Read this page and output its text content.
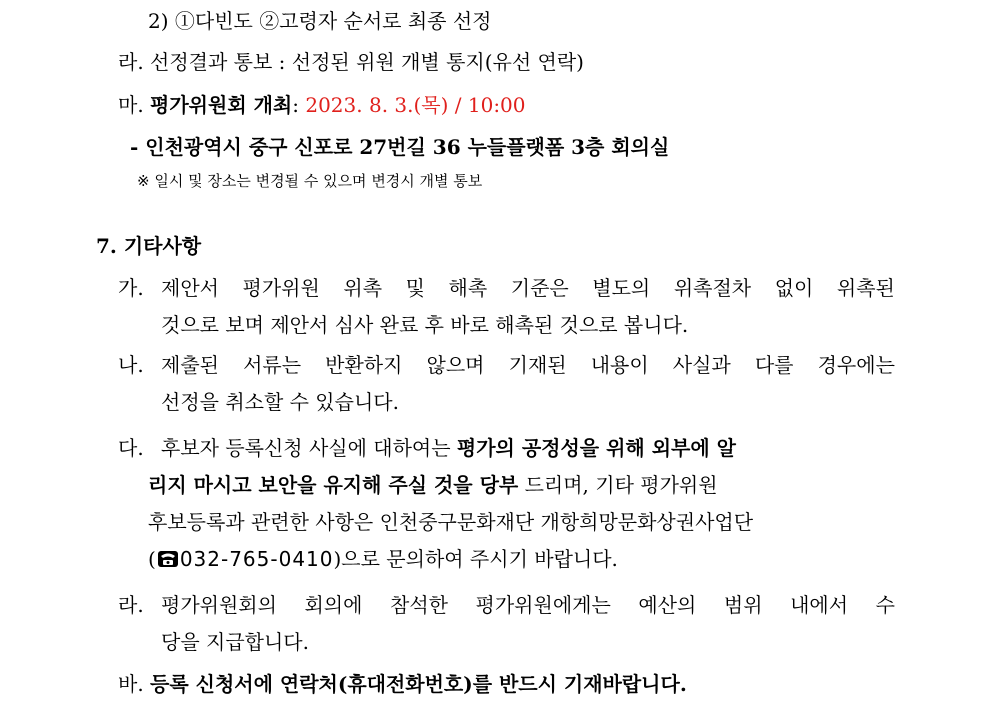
2) ①다빈도 ②고령자 순서로 최종 선정
라. 선정결과 통보 : 선정된 위원 개별 통지(유선 연락)
마. 평가위원회 개최: 2023. 8. 3.(목) / 10:00
- 인천광역시 중구 신포로 27번길 36 누들플랫폼 3층 회의실
※ 일시 및 장소는 변경될 수 있으며 변경시 개별 통보
7. 기타사항
가. 제안서 평가위원 위촉 및 해촉 기준은 별도의 위촉절차 없이 위촉된
것으로 보며 제안서 심사 완료 후 바로 해촉된 것으로 봅니다.
나. 제출된 서류는 반환하지 않으며 기재된 내용이 사실과 다를 경우에는
선정을 취소할 수 있습니다.
다. 후보자 등록신청 사실에 대하여는 평가의 공정성을 위해 외부에 알
리지 마시고 보안을 유지해 주실 것을 당부 드리며, 기타 평가위원
후보등록과 관련한 사항은 인천중구문화재단 개항희망문화상권사업단
( 032-765-0410)으로 문의하여 주시기 바랍니다.
라. 평가위원회의 회의에 참석한 평가위원에게는 예산의 범위 내에서 수
당을 지급합니다.
바. 등록 신청서에 연락처(휴대전화번호)를 반드시 기재바랍니다.
